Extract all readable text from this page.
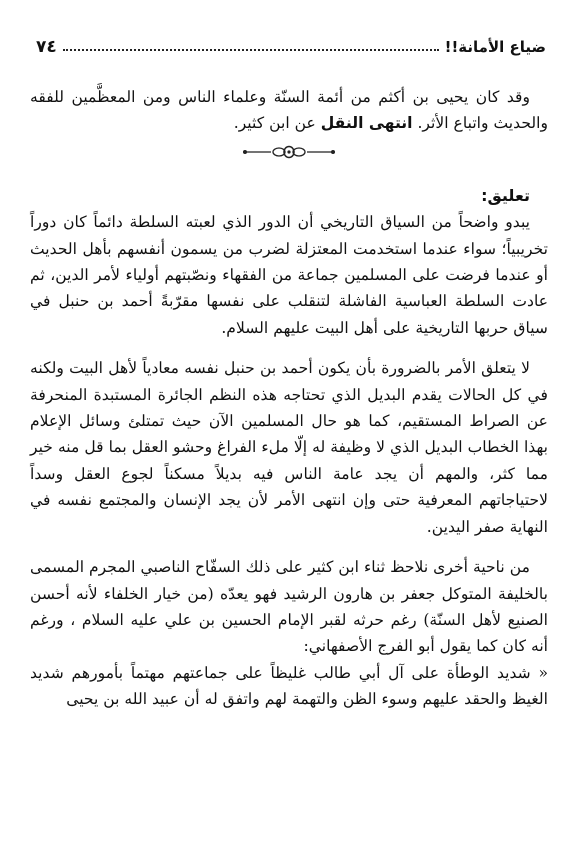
ضياع الأمانة!!
٧٤

وقد كان يحيى بن أكثم من أئمة السنّة وعلماء الناس ومن المعظَّمين للفقه والحديث واتباع الأثر. انتهى النقل عن ابن كثير.

تعليق:

يبدو واضحاً من السياق التاريخي أن الدور الذي لعبته السلطة دائماً كان دوراً تخريبياً؛ سواء عندما استخدمت المعتزلة لضرب من يسمون أنفسهم بأهل الحديث أو عندما فرضت على المسلمين جماعة من الفقهاء ونصّبتهم أولياء لأمر الدين، ثم عادت السلطة العباسية الفاشلة لتنقلب على نفسها مقرّبةً أحمد بن حنبل في سياق حربها التاريخية على أهل البيت عليهم السلام.

لا يتعلق الأمر بالضرورة بأن يكون أحمد بن حنبل نفسه معادياً لأهل البيت ولكنه في كل الحالات يقدم البديل الذي تحتاجه هذه النظم الجائرة المستبدة المنحرفة عن الصراط المستقيم، كما هو حال المسلمين الآن حيث تمتلئ وسائل الإعلام بهذا الخطاب البديل الذي لا وظيفة له إلّا ملء الفراغ وحشو العقل بما قل منه خير مما كثر، والمهم أن يجد عامة الناس فيه بديلاً مسكناً لجوع العقل وسداً لاحتياجاتهم المعرفية حتى وإن انتهى الأمر لأن يجد الإنسان والمجتمع نفسه في النهاية صفر اليدين.

من ناحية أخرى نلاحظ ثناء ابن كثير على ذلك السفّاح الناصبي المجرم المسمى بالخليفة المتوكل جعفر بن هارون الرشيد فهو يعدّه (من خيار الخلفاء لأنه أحسن الصنيع لأهل السنّة) رغم حرثه لقبر الإمام الحسين بن علي عليه السلام ، ورغم أنه كان كما يقول أبو الفرج الأصفهاني:

« شديد الوطأة على آل أبي طالب غليظاً على جماعتهم مهتماً بأمورهم شديد الغيظ والحقد عليهم وسوء الظن والتهمة لهم واتفق له أن عبيد الله بن يحيى
